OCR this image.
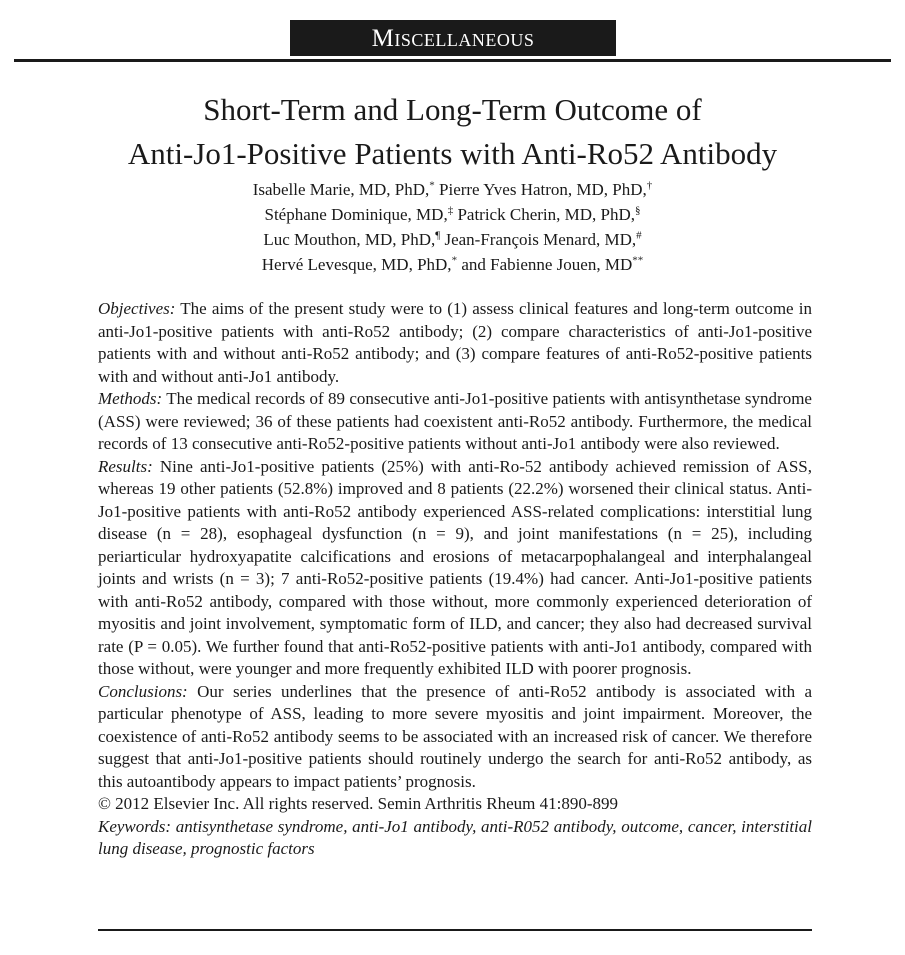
Miscellaneous
Short-Term and Long-Term Outcome of
Anti-Jo1-Positive Patients with Anti-Ro52 Antibody
Isabelle Marie, MD, PhD,* Pierre Yves Hatron, MD, PhD,†
Stéphane Dominique, MD,‡ Patrick Cherin, MD, PhD,§
Luc Mouthon, MD, PhD,¶ Jean-François Menard, MD,#
Hervé Levesque, MD, PhD,* and Fabienne Jouen, MD**

Objectives: The aims of the present study were to (1) assess clinical features and long-term outcome in anti-Jo1-positive patients with anti-Ro52 antibody; (2) compare characteristics of anti-Jo1-positive patients with and without anti-Ro52 antibody; and (3) compare features of anti-Ro52-positive patients with and without anti-Jo1 antibody.

Methods: The medical records of 89 consecutive anti-Jo1-positive patients with antisynthetase syndrome (ASS) were reviewed; 36 of these patients had coexistent anti-Ro52 antibody. Furthermore, the medical records of 13 consecutive anti-Ro52-positive patients without anti-Jo1 antibody were also reviewed.

Results: Nine anti-Jo1-positive patients (25%) with anti-Ro-52 antibody achieved remission of ASS, whereas 19 other patients (52.8%) improved and 8 patients (22.2%) worsened their clinical status. Anti-Jo1-positive patients with anti-Ro52 antibody experienced ASS-related complications: interstitial lung disease (n = 28), esophageal dysfunction (n = 9), and joint manifestations (n = 25), including periarticular hydroxyapatite calcifications and erosions of metacarpophalangeal and interphalangeal joints and wrists (n = 3); 7 anti-Ro52-positive patients (19.4%) had cancer. Anti-Jo1-positive patients with anti-Ro52 antibody, compared with those without, more commonly experienced deterioration of myositis and joint involvement, symptomatic form of ILD, and cancer; they also had decreased survival rate (P = 0.05). We further found that anti-Ro52-positive patients with anti-Jo1 antibody, compared with those without, were younger and more frequently exhibited ILD with poorer prognosis.

Conclusions: Our series underlines that the presence of anti-Ro52 antibody is associated with a particular phenotype of ASS, leading to more severe myositis and joint impairment. Moreover, the coexistence of anti-Ro52 antibody seems to be associated with an increased risk of cancer. We therefore suggest that anti-Jo1-positive patients should routinely undergo the search for anti-Ro52 antibody, as this autoantibody appears to impact patients’ prognosis.

© 2012 Elsevier Inc. All rights reserved. Semin Arthritis Rheum 41:890-899

Keywords: antisynthetase syndrome, anti-Jo1 antibody, anti-R052 antibody, outcome, cancer, interstitial lung disease, prognostic factors
